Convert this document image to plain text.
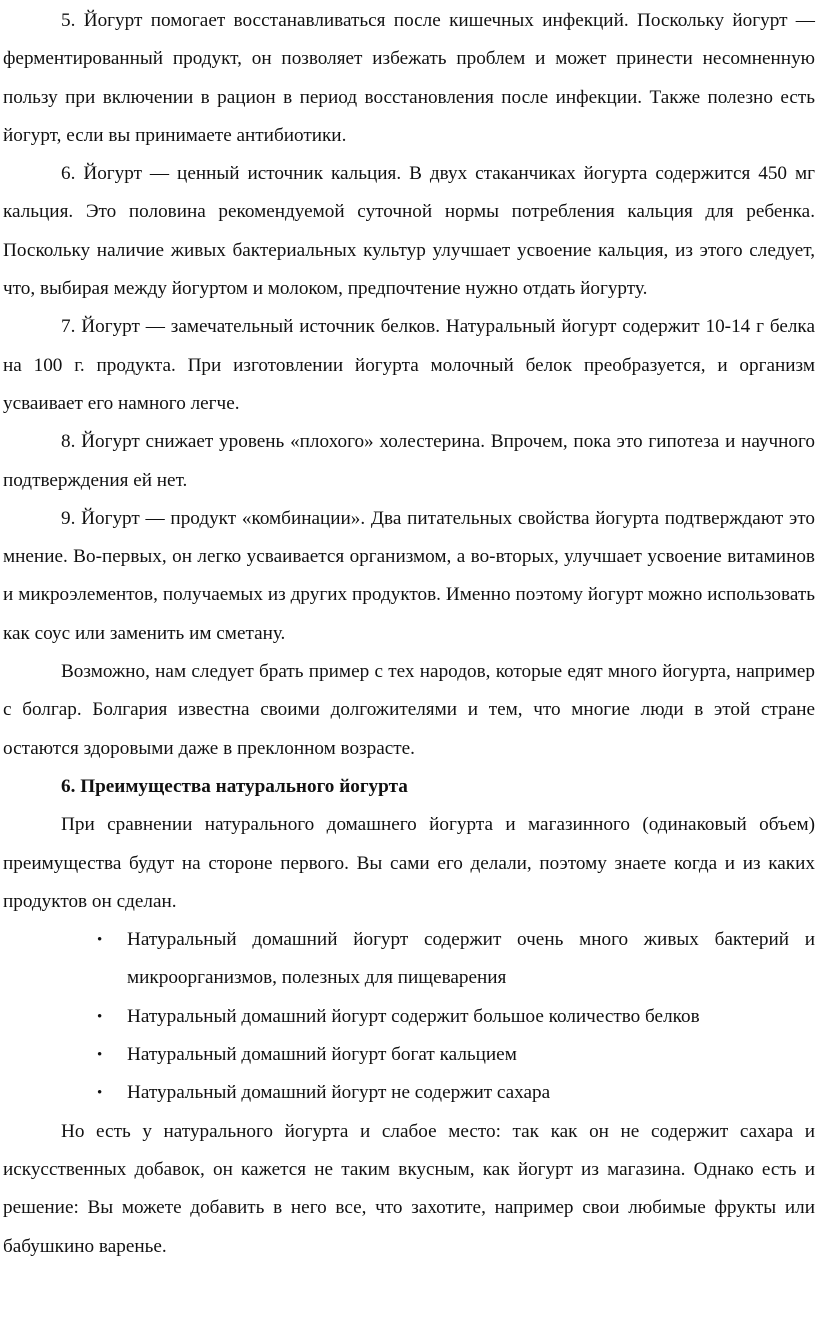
5. Йогурт помогает восстанавливаться после кишечных инфекций. Поскольку йогурт — ферментированный продукт, он позволяет избежать проблем и может принести несомненную пользу при включении в рацион в период восстановления после инфекции. Также полезно есть йогурт, если вы принимаете антибиотики.

6. Йогурт — ценный источник кальция. В двух стаканчиках йогурта содержится 450 мг кальция. Это половина рекомендуемой суточной нормы потребления кальция для ребенка. Поскольку наличие живых бактериальных культур улучшает усвоение кальция, из этого следует, что, выбирая между йогуртом и молоком, предпочтение нужно отдать йогурту.

7. Йогурт — замечательный источник белков. Натуральный йогурт содержит 10-14 г белка на 100 г. продукта. При изготовлении йогурта молочный белок преобразуется, и организм усваивает его намного легче.

8. Йогурт снижает уровень «плохого» холестерина. Впрочем, пока это гипотеза и научного подтверждения ей нет.

9. Йогурт — продукт «комбинации». Два питательных свойства йогурта подтверждают это мнение. Во-первых, он легко усваивается организмом, а во-вторых, улучшает усвоение витаминов и микроэлементов, получаемых из других продуктов. Именно поэтому йогурт можно использовать как соус или заменить им сметану.

Возможно, нам следует брать пример с тех народов, которые едят много йогурта, например с болгар. Болгария известна своими долгожителями и тем, что многие люди в этой стране остаются здоровыми даже в преклонном возрасте.

6. Преимущества натурального йогурта

При сравнении натурального домашнего йогурта и магазинного (одинаковый объем) преимущества будут на стороне первого. Вы сами его делали, поэтому знаете когда и из каких продуктов он сделан.

• Натуральный домашний йогурт содержит очень много живых бактерий и микроорганизмов, полезных для пищеварения
• Натуральный домашний йогурт содержит большое количество белков
• Натуральный домашний йогурт богат кальцием
• Натуральный домашний йогурт не содержит сахара

Но есть у натурального йогурта и слабое место: так как он не содержит сахара и искусственных добавок, он кажется не таким вкусным, как йогурт из магазина. Однако есть и решение: Вы можете добавить в него все, что захотите, например свои любимые фрукты или бабушкино варенье.
